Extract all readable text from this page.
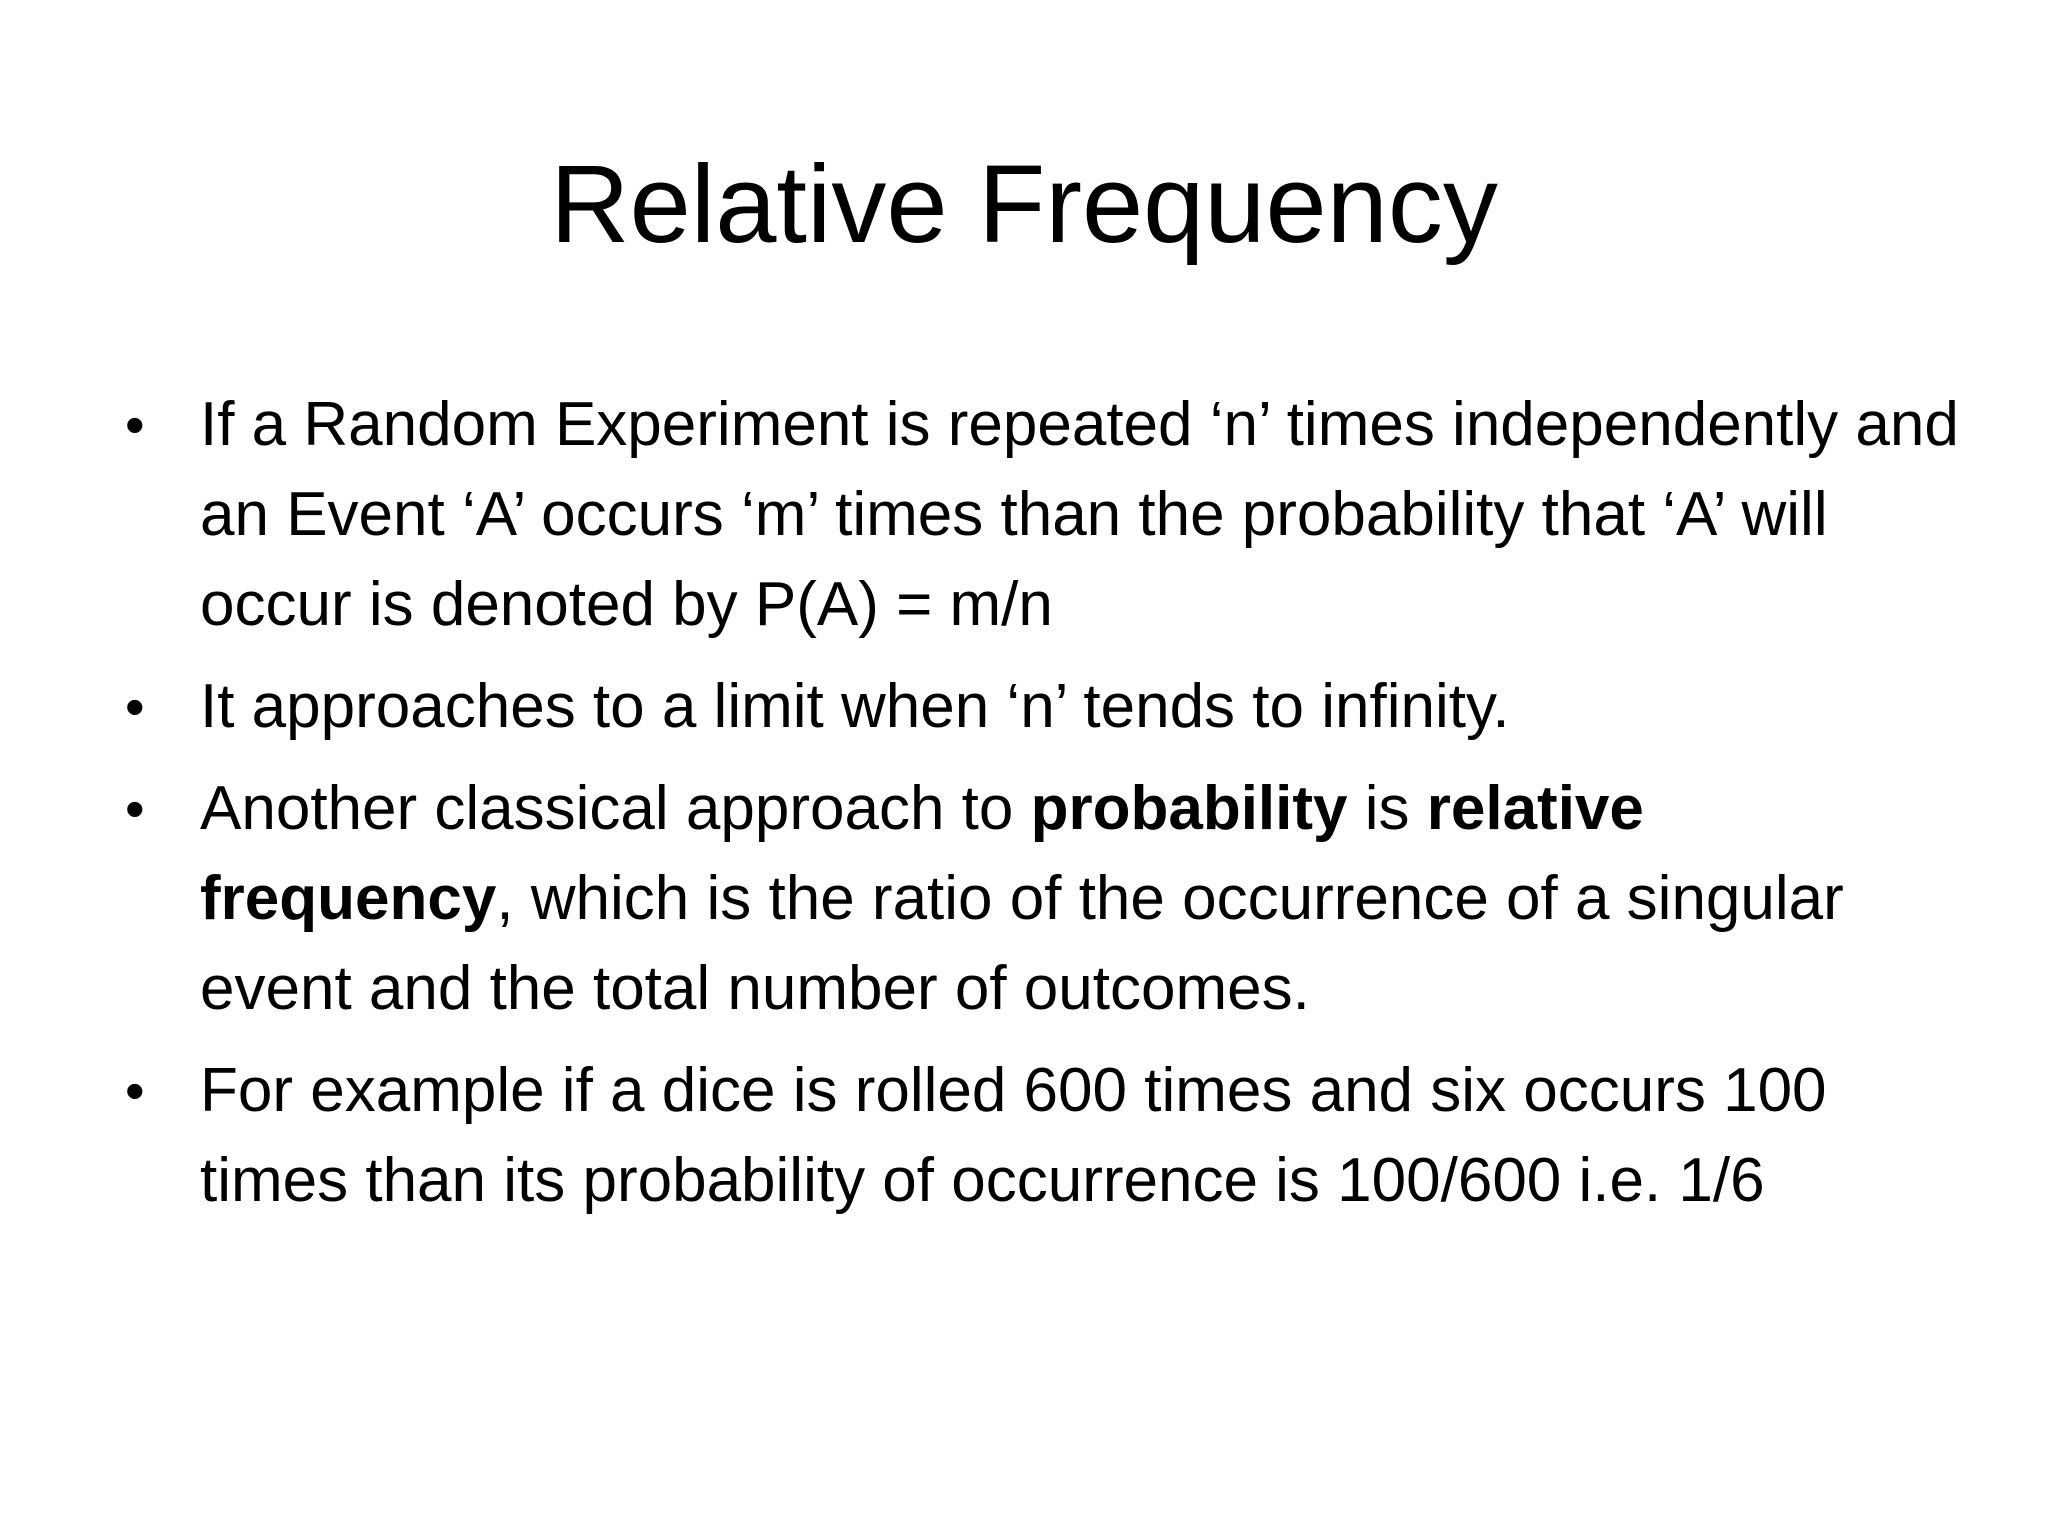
Relative Frequency
• If a Random Experiment is repeated ‘n’ times independently and an Event ‘A’ occurs ‘m’ times than the probability that ‘A’ will occur is denoted by P(A) = m/n
• It approaches to a limit when ‘n’ tends to infinity.
• Another classical approach to probability is relative frequency, which is the ratio of the occurrence of a singular event and the total number of outcomes.
• For example if a dice is rolled 600 times and six occurs 100 times than its probability of occurrence is 100/600 i.e. 1/6
